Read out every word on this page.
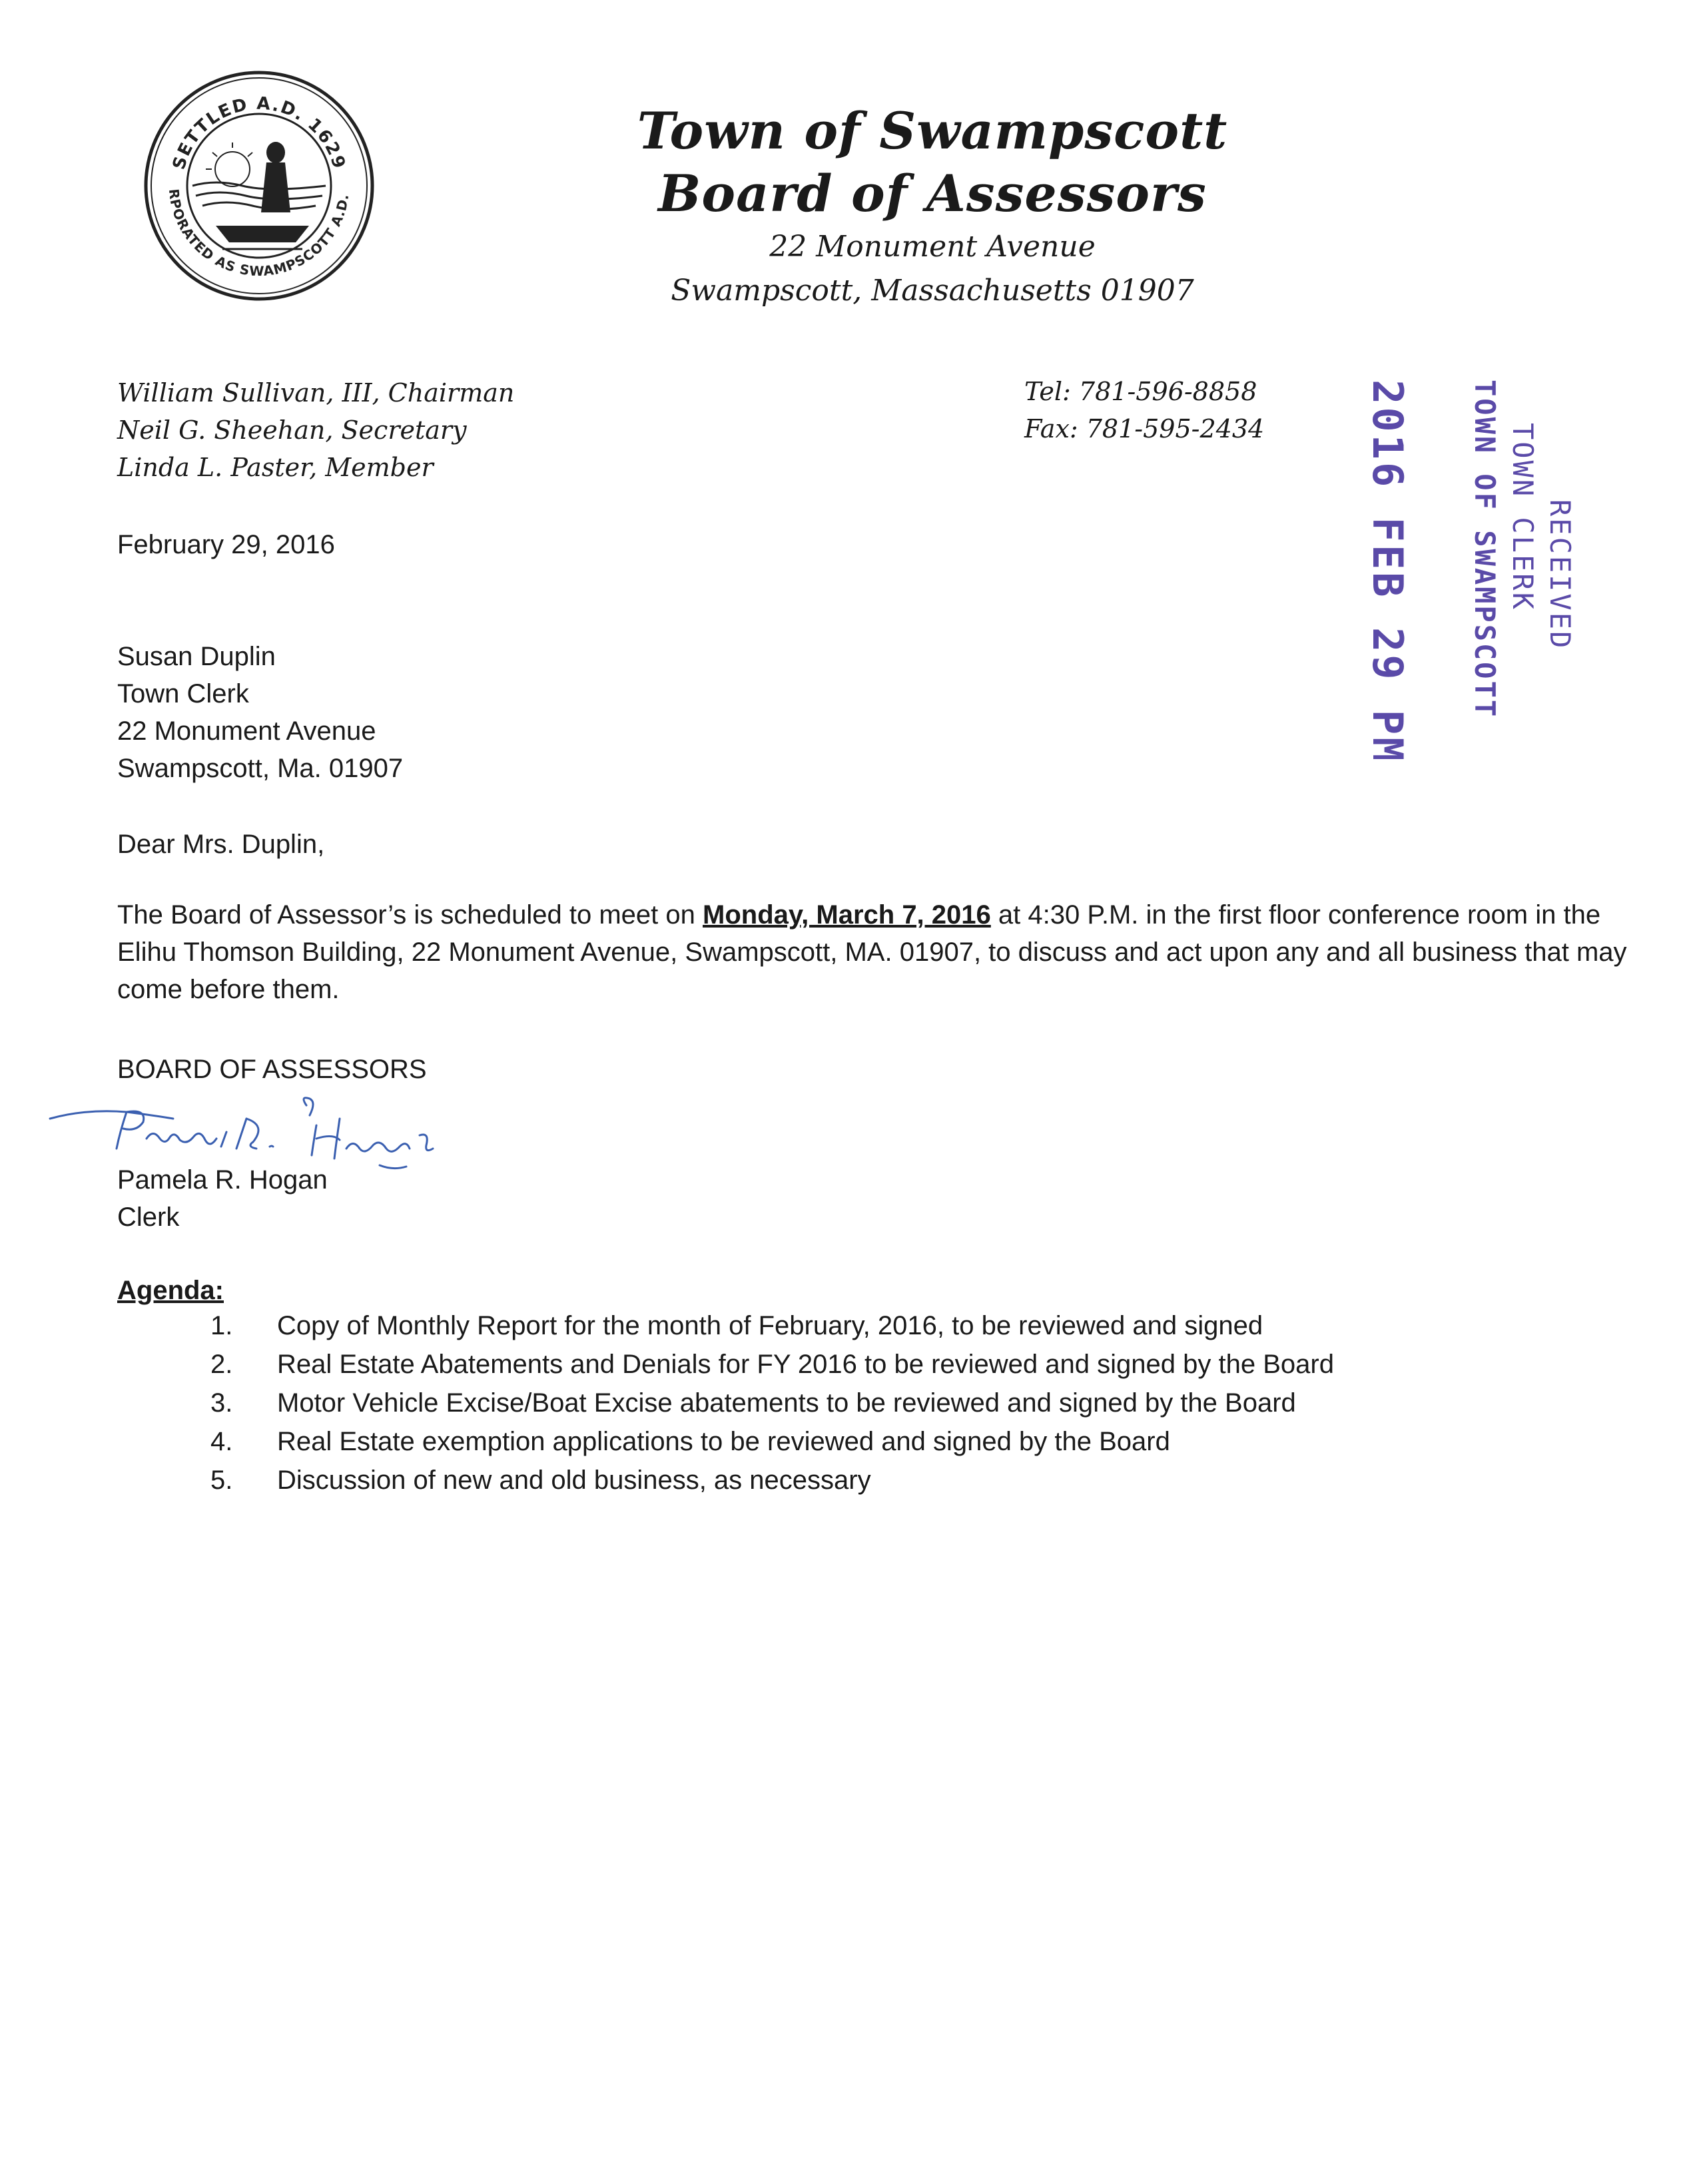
SETTLED A.D. 1629
RPORATED AS SWAMPSCOTT A.D.
Town of Swampscott
Board of Assessors
22 Monument Avenue
Swampscott, Massachusetts 01907
William Sullivan, III, Chairman
Neil G. Sheehan, Secretary
Linda L. Paster, Member
Tel: 781-596-8858
Fax: 781-595-2434 2016 FEB 29 PM 3 26 TOWN OF SWAMPSCOTT TOWN CLERK RECEIVED
February 29, 2016
Susan Duplin
Town Clerk
22 Monument Avenue
Swampscott, Ma. 01907
Dear Mrs. Duplin,
The Board of Assessor’s is scheduled to meet on Monday, March 7, 2016 at 4:30 P.M. in the first floor conference room in the Elihu Thomson Building, 22 Monument Avenue, Swampscott, MA. 01907, to discuss and act upon any and all business that may come before them.
BOARD OF ASSESSORS
Pamela R. Hogan
Clerk
Agenda:
1.	Copy of Monthly Report for the month of February, 2016, to be reviewed and signed
2.	Real Estate Abatements and Denials for FY 2016 to be reviewed and signed by the Board
3.	Motor Vehicle Excise/Boat Excise abatements to be reviewed and signed by the Board
4.	Real Estate exemption applications to be reviewed and signed by the Board
5.	Discussion of new and old business, as necessary
